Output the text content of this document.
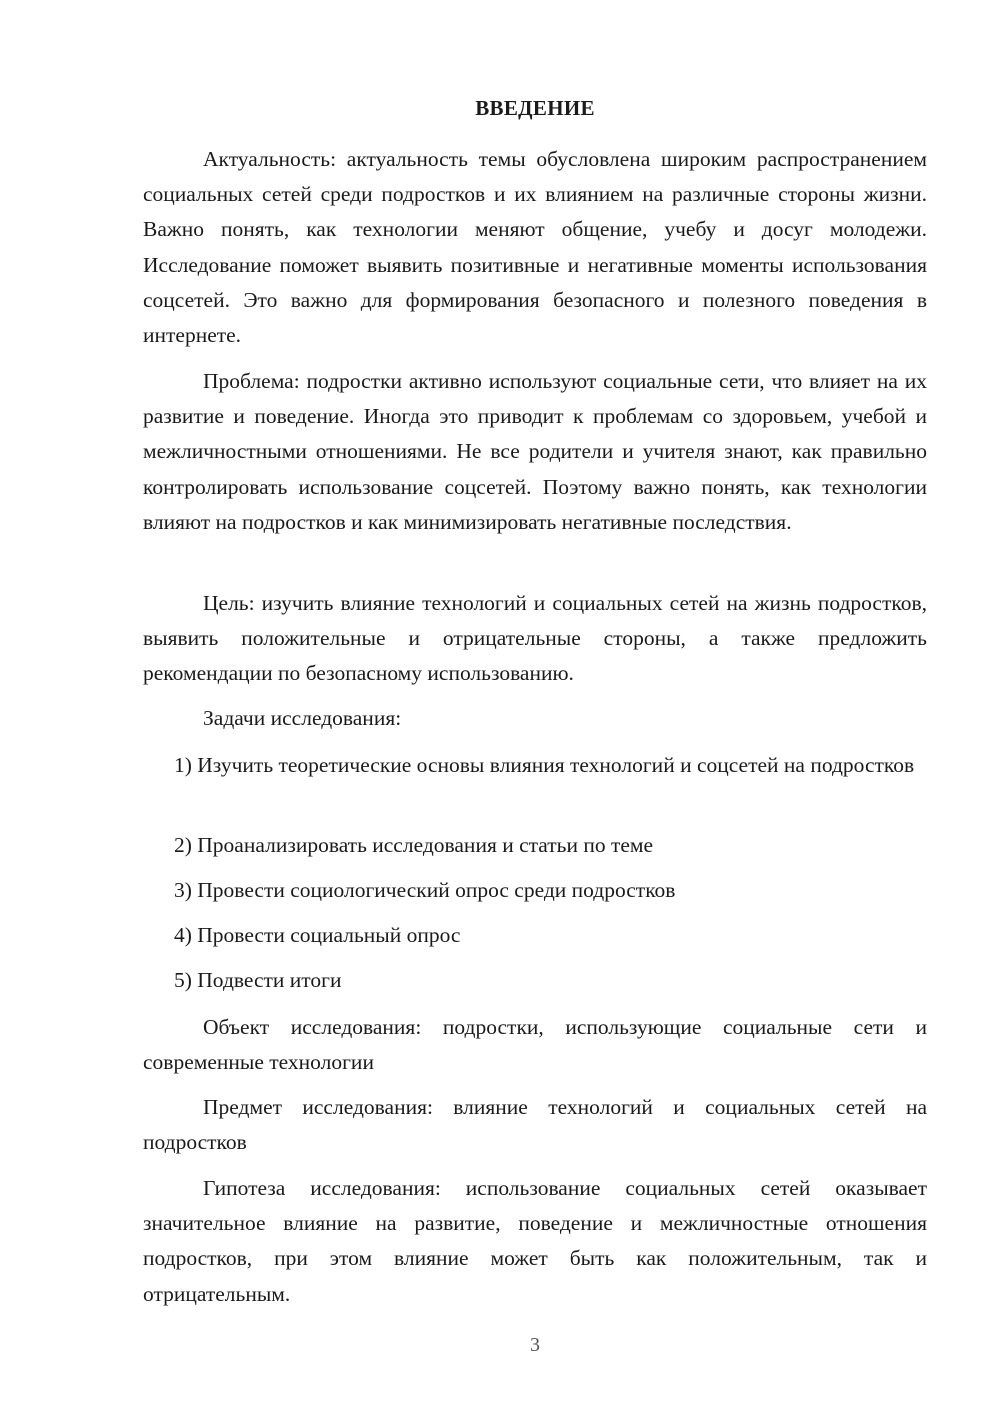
ВВЕДЕНИЕ

Актуальность: актуальность темы обусловлена широким распространением социальных сетей среди подростков и их влиянием на различные стороны жизни. Важно понять, как технологии меняют общение, учебу и досуг молодежи. Исследование поможет выявить позитивные и негативные моменты использования соцсетей. Это важно для формирования безопасного и полезного поведения в интернете.

Проблема: подростки активно используют социальные сети, что влияет на их развитие и поведение. Иногда это приводит к проблемам со здоровьем, учебой и межличностными отношениями. Не все родители и учителя знают, как правильно контролировать использование соцсетей. Поэтому важно понять, как технологии влияют на подростков и как минимизировать негативные последствия.

Цель: изучить влияние технологий и социальных сетей на жизнь подростков, выявить положительные и отрицательные стороны, а также предложить рекомендации по безопасному использованию.

Задачи исследования:

1) Изучить теоретические основы влияния технологий и соцсетей на подростков

2) Проанализировать исследования и статьи по теме

3) Провести социологический опрос среди подростков

4) Провести социальный опрос

5) Подвести итоги

Объект исследования: подростки, использующие социальные сети и современные технологии

Предмет исследования: влияние технологий и социальных сетей на подростков

Гипотеза исследования: использование социальных сетей оказывает значительное влияние на развитие, поведение и межличностные отношения подростков, при этом влияние может быть как положительным, так и отрицательным.

3
